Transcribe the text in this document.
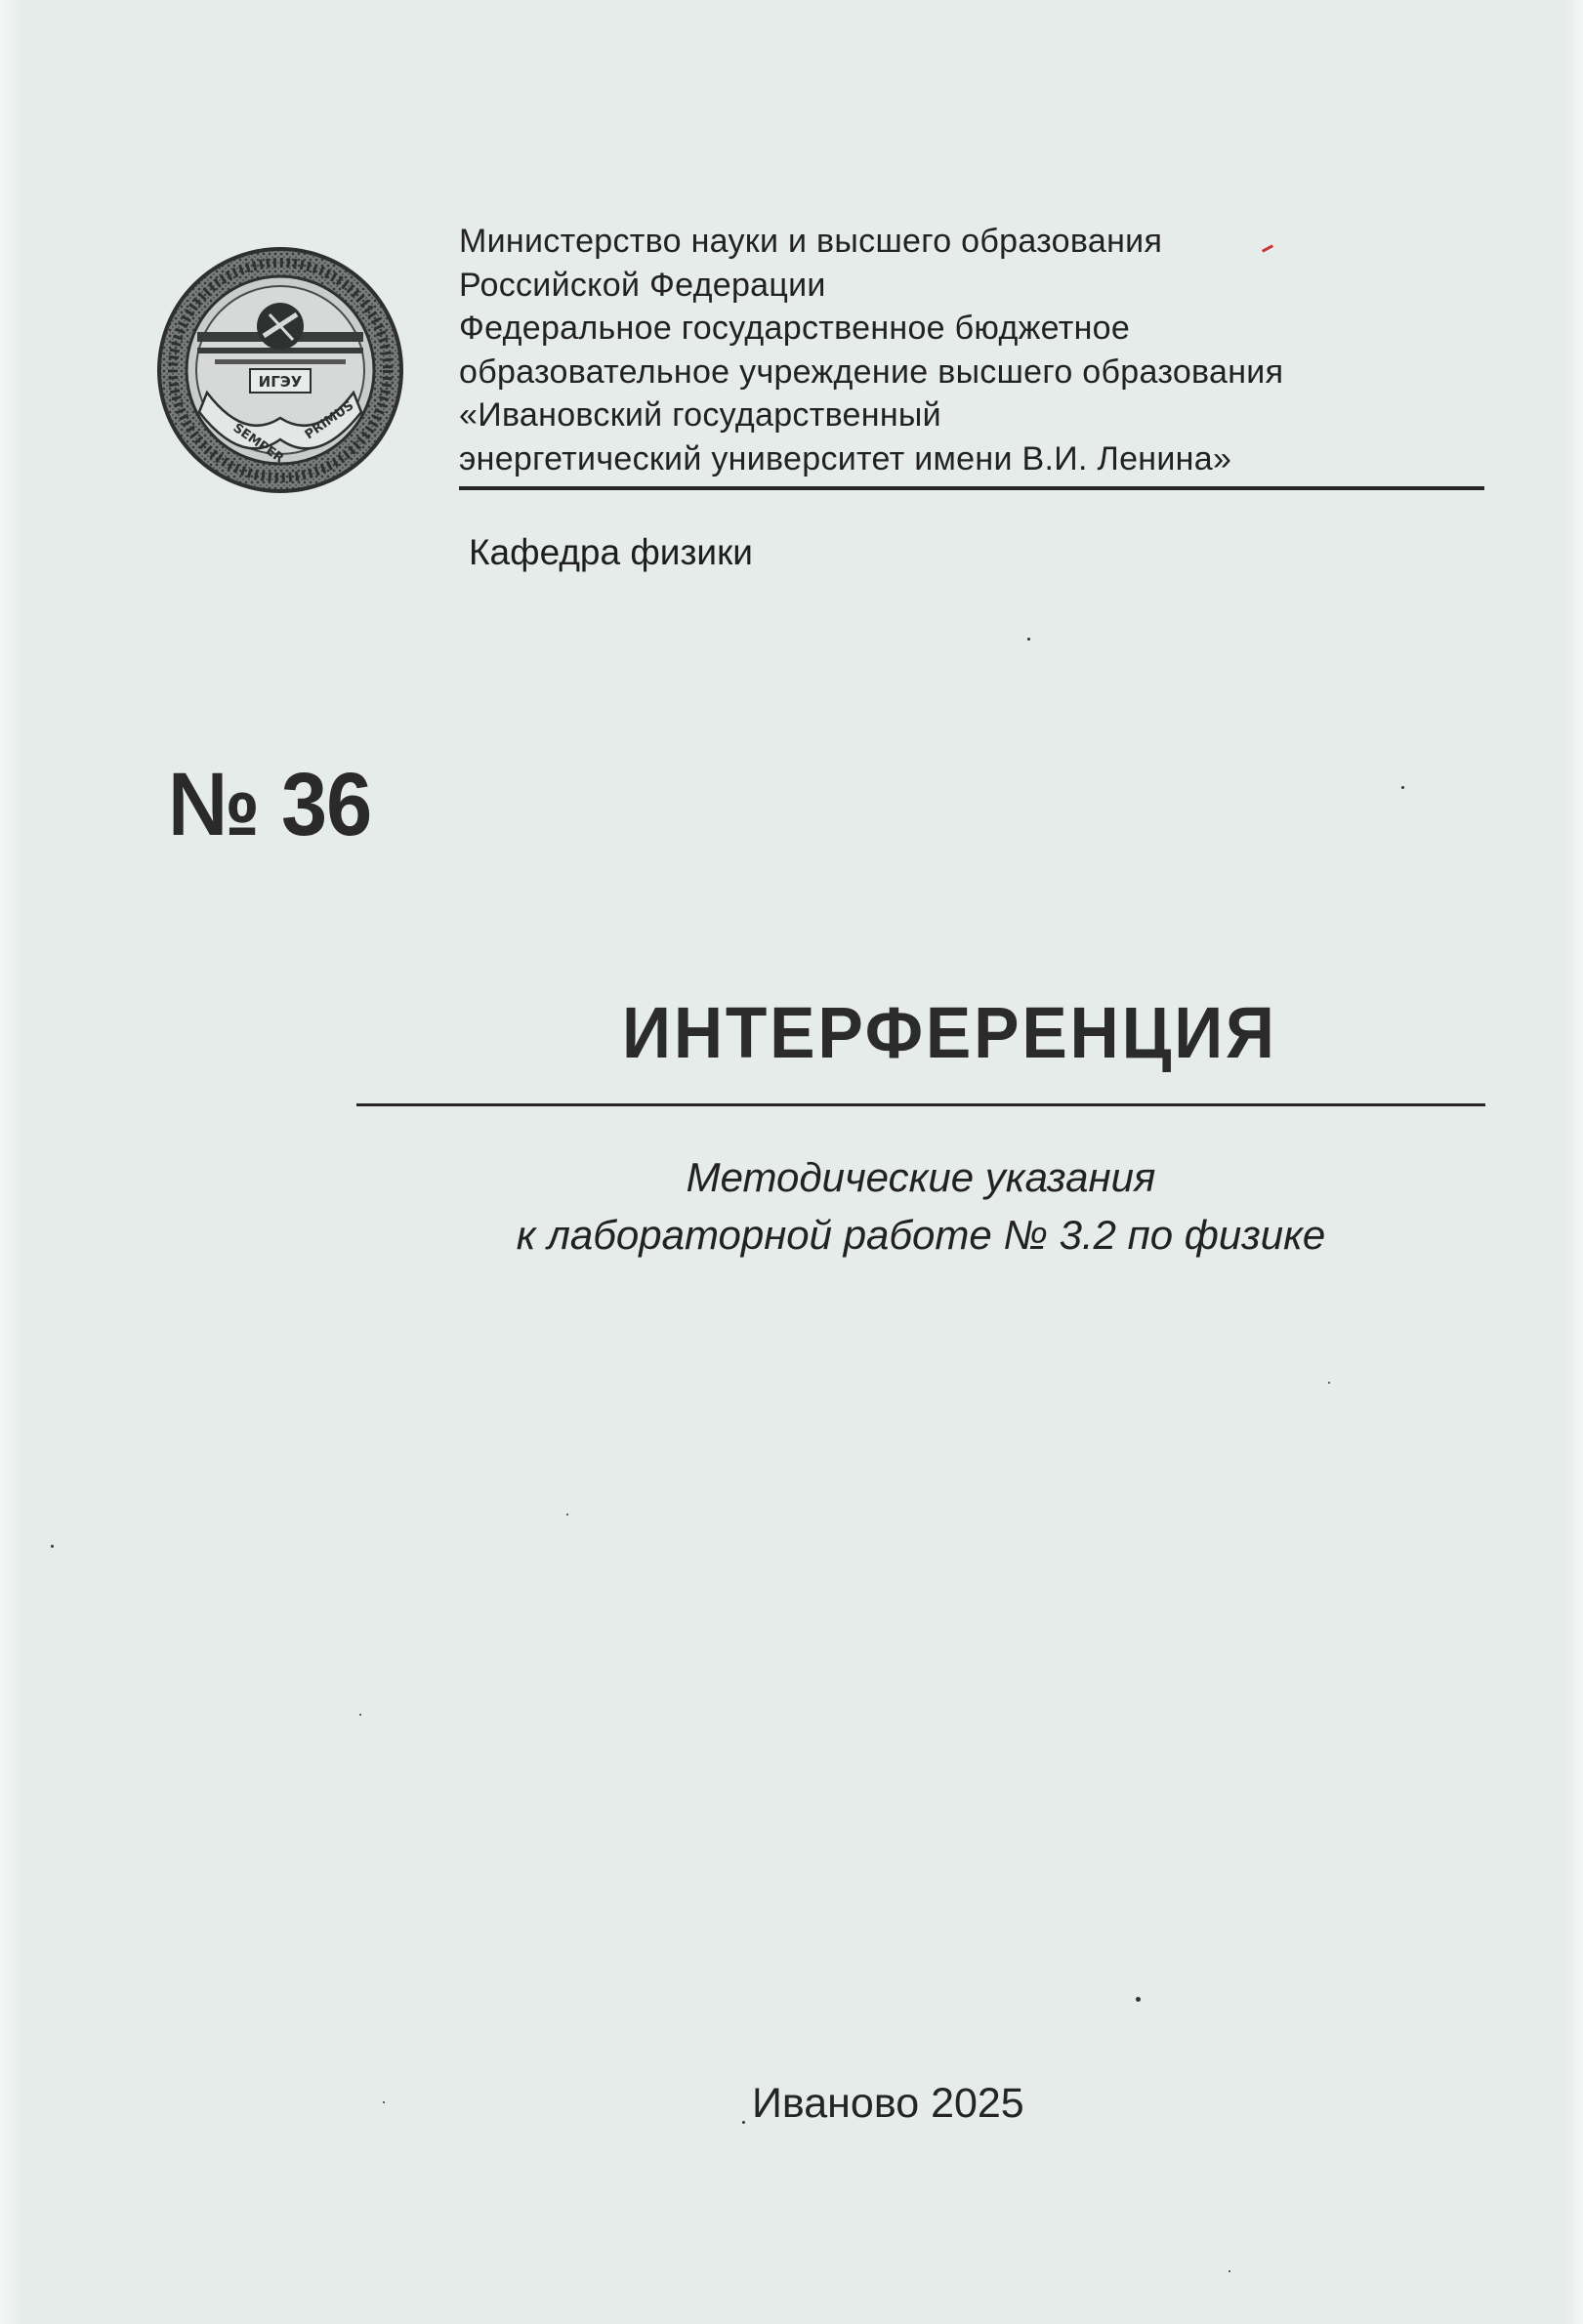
ИГЭУ
SEMPER
PRIMUS
Министерство науки и высшего образования
Российской Федерации
Федеральное государственное бюджетное
образовательное учреждение высшего образования
«Ивановский государственный
энергетический университет имени В.И. Ленина»
Кафедра физики
№ 36
ИНТЕРФЕРЕНЦИЯ
Методические указания
к лабораторной работе № 3.2 по физике
Иваново 2025
